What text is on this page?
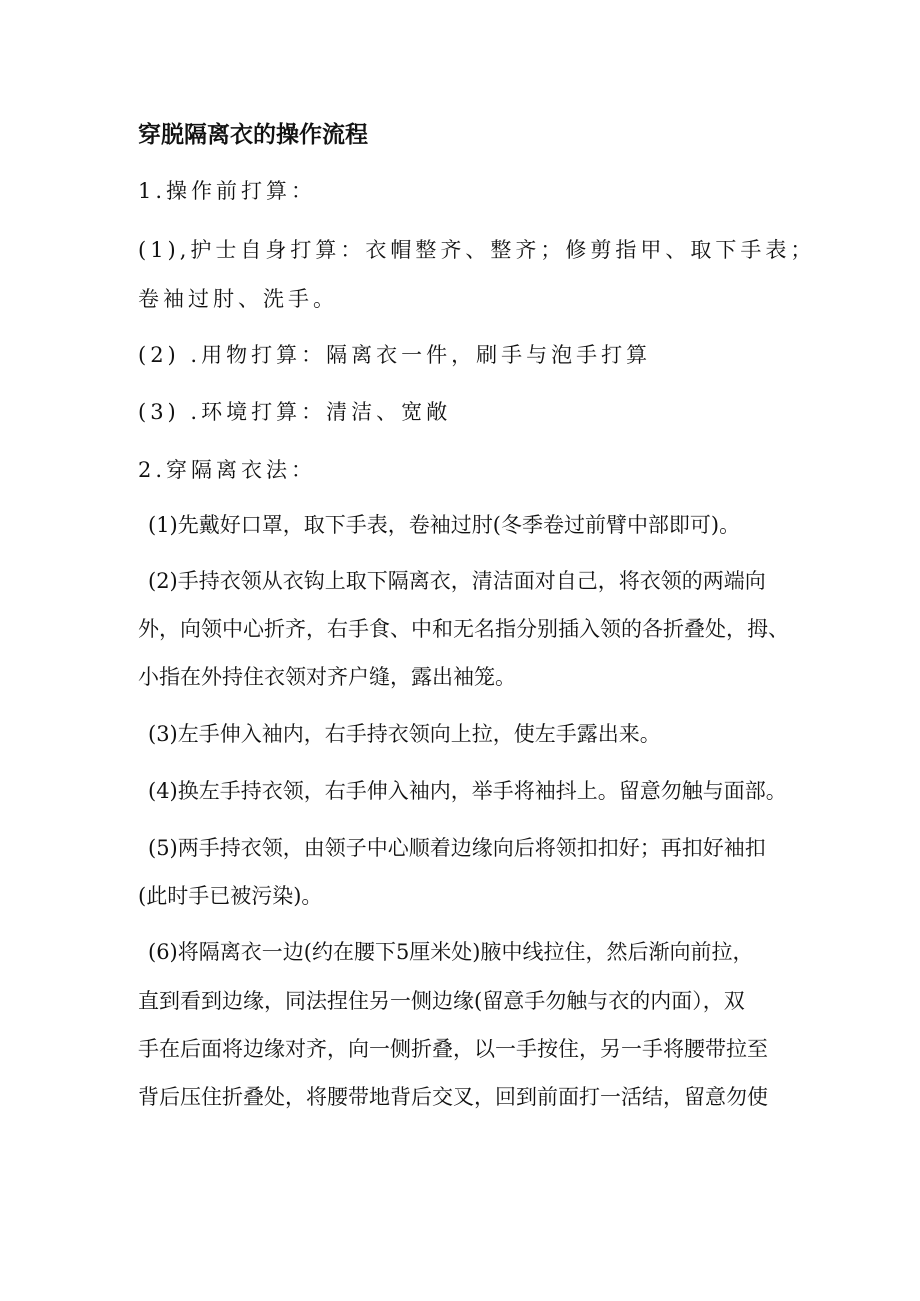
穿脱隔离衣的操作流程
1.操作前打算：
(1),护士自身打算：衣帽整齐、整齐；修剪指甲、取下手表；
卷袖过肘、洗手。
(2) .用物打算：隔离衣一件，刷手与泡手打算
(3) .环境打算：清洁、宽敞
2.穿隔离衣法：
(1)先戴好口罩，取下手表，卷袖过肘(冬季卷过前臂中部即可)。
(2)手持衣领从衣钩上取下隔离衣，清洁面对自己，将衣领的两端向
外，向领中心折齐，右手食、中和无名指分别插入领的各折叠处，拇、
小指在外持住衣领对齐户缝，露出袖笼。
(3)左手伸入袖内，右手持衣领向上拉，使左手露出来。
(4)换左手持衣领，右手伸入袖内，举手将袖抖上。留意勿触与面部。
(5)两手持衣领，由领子中心顺着边缘向后将领扣扣好；再扣好袖扣
(此时手已被污染)。
(6)将隔离衣一边(约在腰下5厘米处)腋中线拉住，然后渐向前拉，
直到看到边缘，同法捏住另一侧边缘(留意手勿触与衣的内面），双
手在后面将边缘对齐，向一侧折叠，以一手按住，另一手将腰带拉至
背后压住折叠处，将腰带地背后交叉，回到前面打一活结，留意勿使
